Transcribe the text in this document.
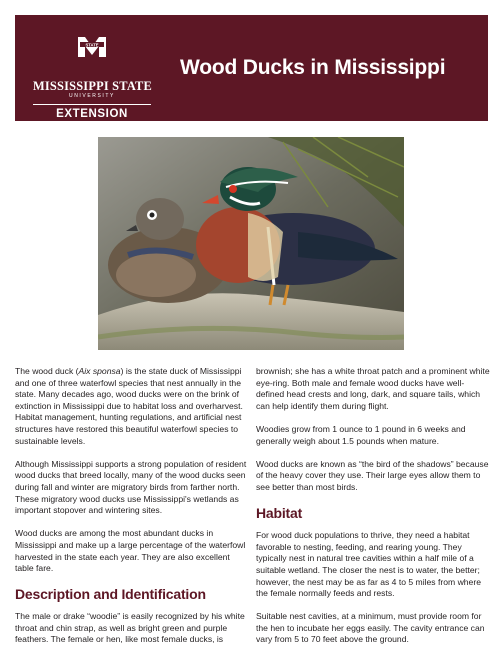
STATE
MISSISSIPPI STATE
UNIVERSITY
EXTENSION
Wood Ducks in Mississippi

The wood duck (Aix sponsa) is the state duck of Mississippi and one of three waterfowl species that nest annually in the state. Many decades ago, wood ducks were on the brink of extinction in Mississippi due to habitat loss and overharvest. Habitat management, hunting regulations, and artificial nest structures have restored this beautiful waterfowl species to sustainable levels.

Although Mississippi supports a strong population of resident wood ducks that breed locally, many of the wood ducks seen during fall and winter are migratory birds from farther north. These migratory wood ducks use Mississippi's wetlands as important stopover and wintering sites.

Wood ducks are among the most abundant ducks in Mississippi and make up a large percentage of the waterfowl harvested in the state each year. They are also excellent table fare.

Description and Identification

The male or drake “woodie” is easily recognized by his white throat and chin strap, as well as bright green and purple feathers. The female or hen, like most female ducks, is

brownish; she has a white throat patch and a prominent white eye-ring. Both male and female wood ducks have well-defined head crests and long, dark, and square tails, which can help identify them during flight.

Woodies grow from 1 ounce to 1 pound in 6 weeks and generally weigh about 1.5 pounds when mature.

Wood ducks are known as “the bird of the shadows” because of the heavy cover they use. Their large eyes allow them to see better than most birds.

Habitat

For wood duck populations to thrive, they need a habitat favorable to nesting, feeding, and rearing young. They typically nest in natural tree cavities within a half mile of a suitable wetland. The closer the nest is to water, the better; however, the nest may be as far as 4 to 5 miles from where the female normally feeds and rests.

Suitable nest cavities, at a minimum, must provide room for the hen to incubate her eggs easily. The cavity entrance can vary from 5 to 70 feet above the ground.
